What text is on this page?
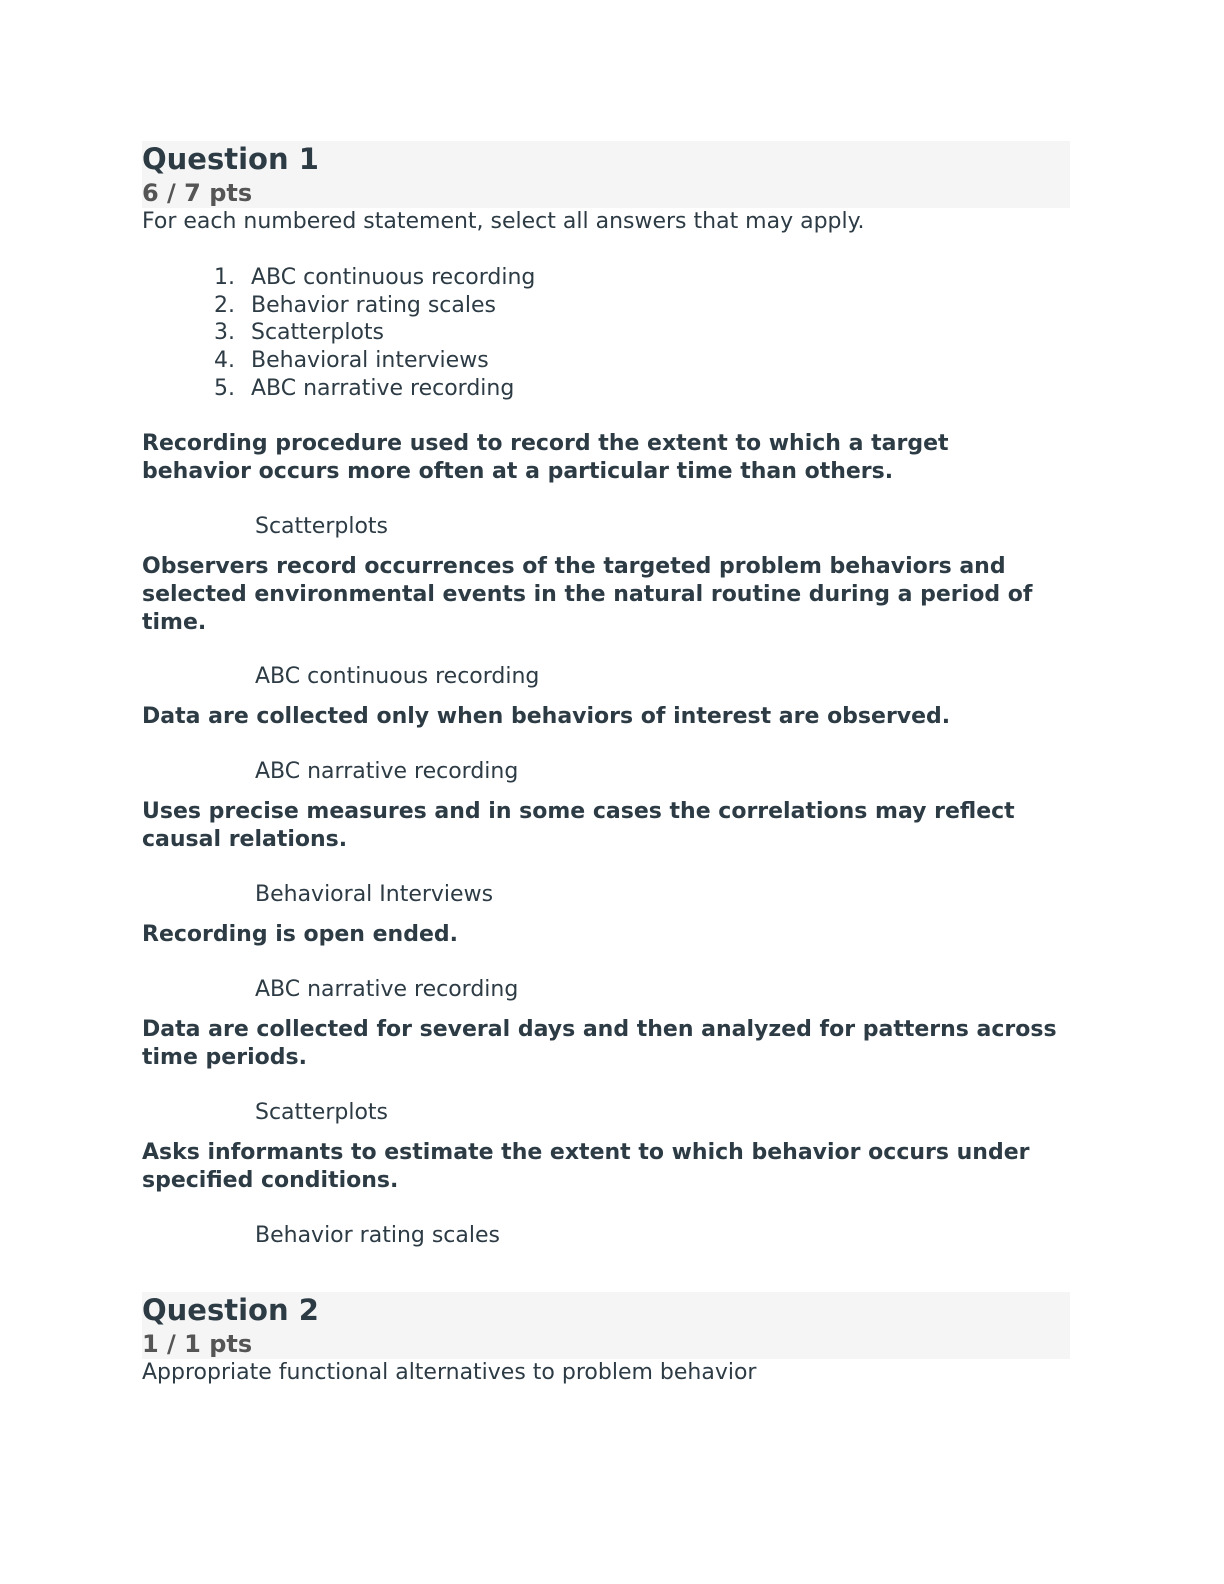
Question 1
6 / 7 pts
For each numbered statement, select all answers that may apply.
1. ABC continuous recording
2. Behavior rating scales
3. Scatterplots
4. Behavioral interviews
5. ABC narrative recording
Recording procedure used to record the extent to which a target behavior occurs more often at a particular time than others.
Scatterplots
Observers record occurrences of the targeted problem behaviors and selected environmental events in the natural routine during a period of time.
ABC continuous recording
Data are collected only when behaviors of interest are observed.
ABC narrative recording
Uses precise measures and in some cases the correlations may reflect causal relations.
Behavioral Interviews
Recording is open ended.
ABC narrative recording
Data are collected for several days and then analyzed for patterns across time periods.
Scatterplots
Asks informants to estimate the extent to which behavior occurs under specified conditions.
Behavior rating scales
Question 2
1 / 1 pts
Appropriate functional alternatives to problem behavior
